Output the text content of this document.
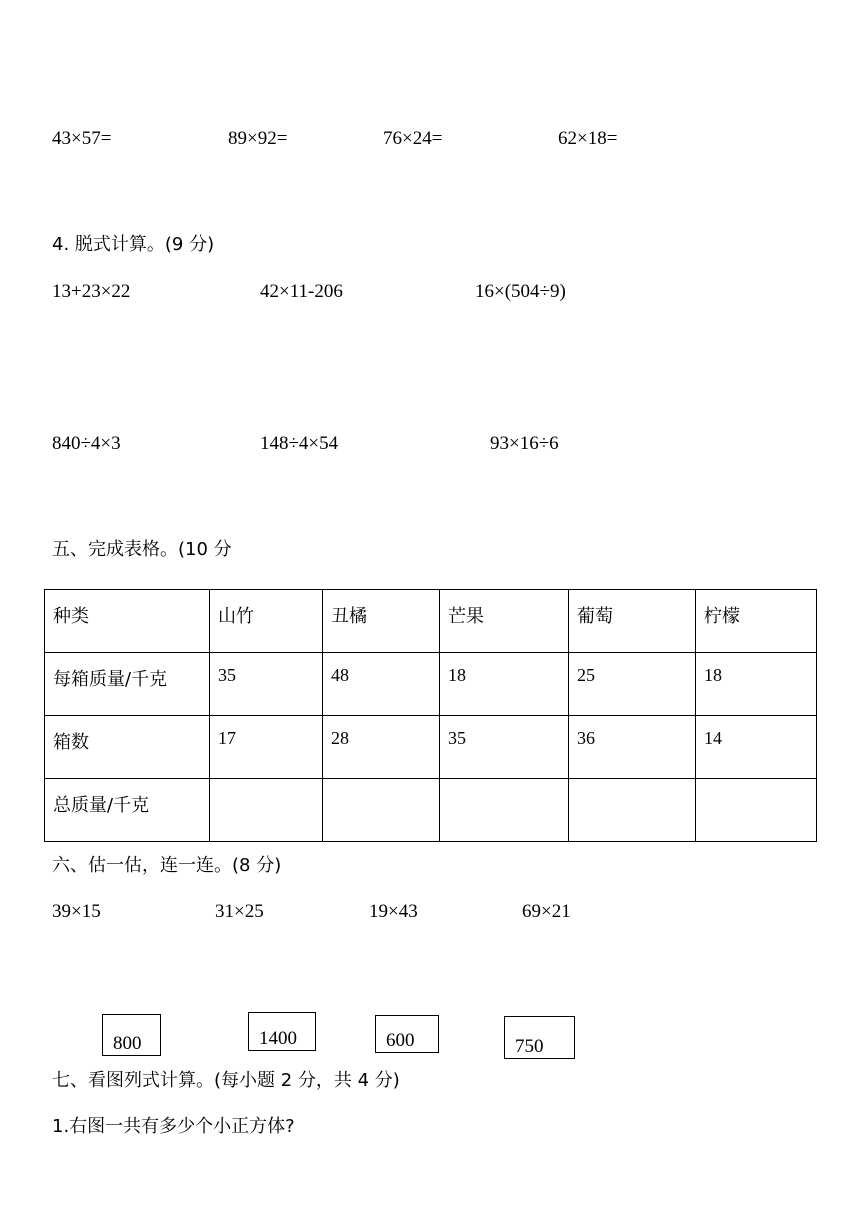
43×57=	89×92=	76×24=	62×18=
4. 脱式计算。(9 分)
13+23×22	42×11-206	16×(504÷9)
840÷4×3	148÷4×54	93×16÷6
五、完成表格。(10 分
种类	山竹	丑橘	芒果	葡萄	柠檬

每箱质量/千克	35	48	18	25	18

箱数	17	28	35	36	14

总质量/千克					

六、估一估，连一连。(8 分)
39×15	31×25	19×43	69×21
800	1400	600	750
七、看图列式计算。(每小题 2 分，共 4 分)
1.右图一共有多少个小正方体?
